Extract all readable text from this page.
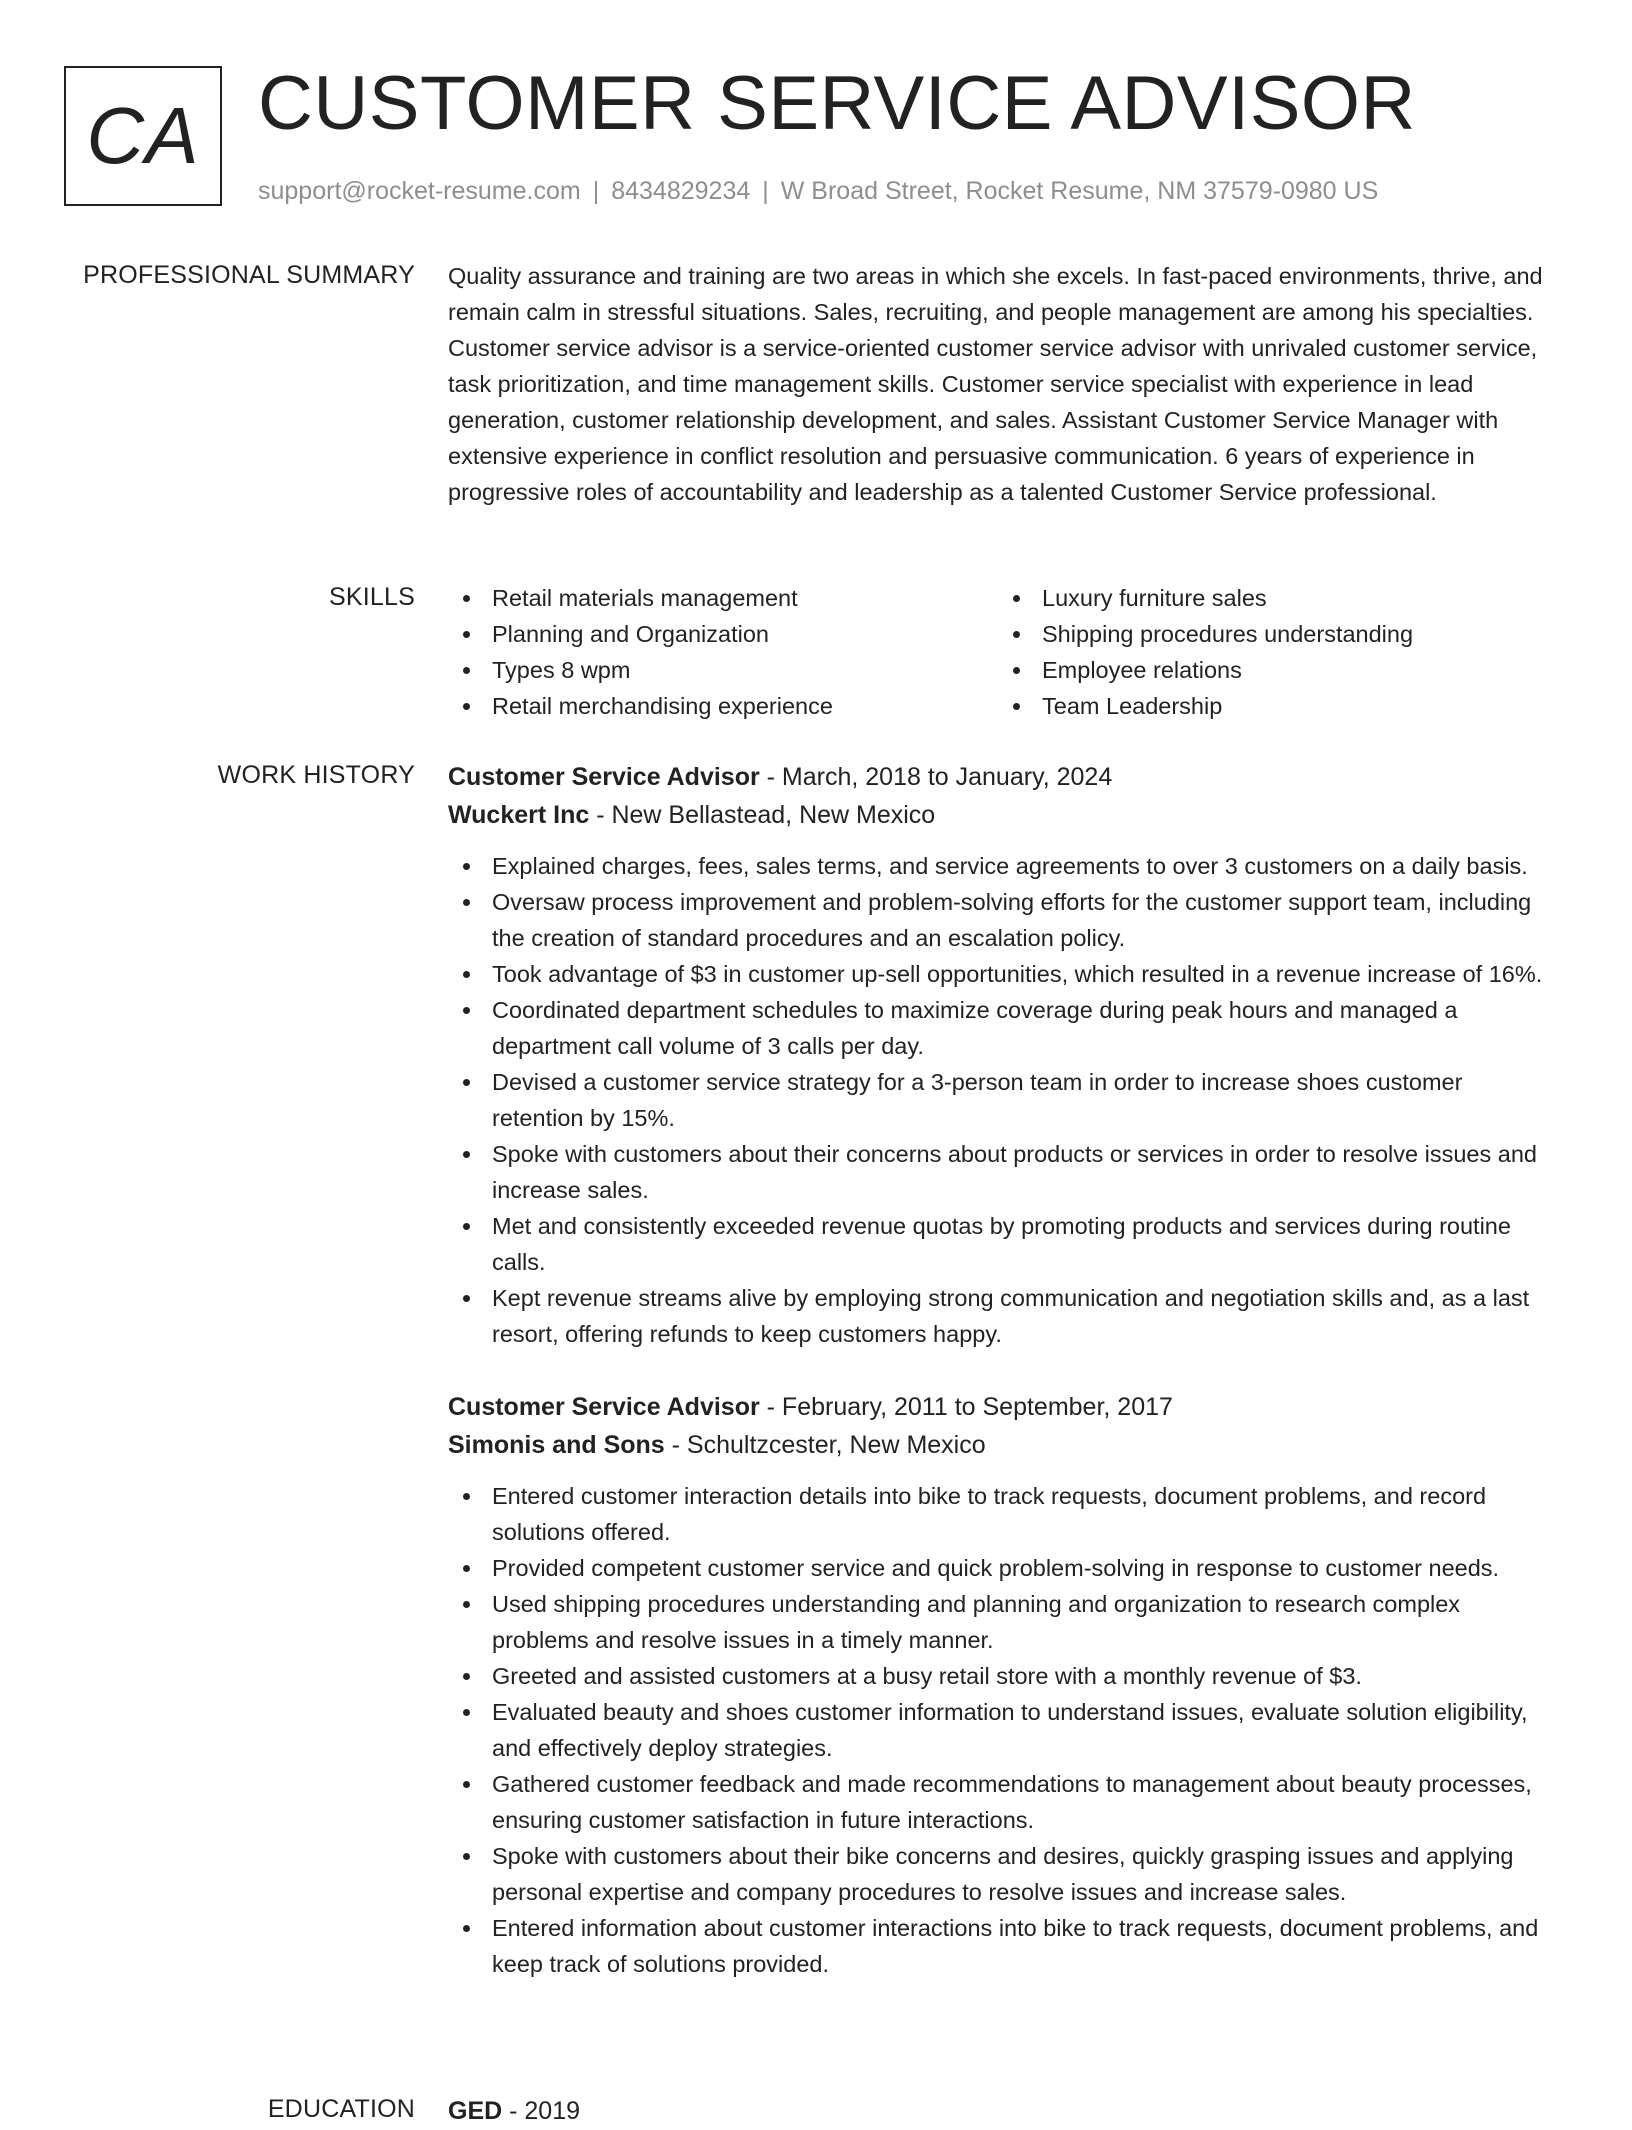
CA CUSTOMER SERVICE ADVISOR
support@rocket-resume.com | 8434829234 | W Broad Street, Rocket Resume, NM 37579-0980 US
PROFESSIONAL SUMMARY Quality assurance and training are two areas in which she excels. In fast-paced environments, thrive, and remain calm in stressful situations. Sales, recruiting, and people management are among his specialties. Customer service advisor is a service-oriented customer service advisor with unrivaled customer service, task prioritization, and time management skills. Customer service specialist with experience in lead generation, customer relationship development, and sales. Assistant Customer Service Manager with extensive experience in conflict resolution and persuasive communication. 6 years of experience in progressive roles of accountability and leadership as a talented Customer Service professional.

SKILLS	Retail materials management
Planning and Organization
Types 8 wpm
Retail merchandising experience
Luxury furniture sales
Shipping procedures understanding
Employee relations
Team Leadership
WORK HISTORY Customer Service Advisor - March, 2018 to January, 2024
Wuckert Inc - New Bellastead, New Mexico
Explained charges, fees, sales terms, and service agreements to over 3 customers on a daily basis.
Oversaw process improvement and problem-solving efforts for the customer support team, including the creation of standard procedures and an escalation policy.
Took advantage of $3 in customer up-sell opportunities, which resulted in a revenue increase of 16%.
Coordinated department schedules to maximize coverage during peak hours and managed a department call volume of 3 calls per day.
Devised a customer service strategy for a 3-person team in order to increase shoes customer retention by 15%.
Spoke with customers about their concerns about products or services in order to resolve issues and increase sales.
Met and consistently exceeded revenue quotas by promoting products and services during routine calls.
Kept revenue streams alive by employing strong communication and negotiation skills and, as a last resort, offering refunds to keep customers happy.
Customer Service Advisor - February, 2011 to September, 2017
Simonis and Sons - Schultzcester, New Mexico
Entered customer interaction details into bike to track requests, document problems, and record solutions offered.
Provided competent customer service and quick problem-solving in response to customer needs.
Used shipping procedures understanding and planning and organization to research complex problems and resolve issues in a timely manner.
Greeted and assisted customers at a busy retail store with a monthly revenue of $3.
Evaluated beauty and shoes customer information to understand issues, evaluate solution eligibility, and effectively deploy strategies.
Gathered customer feedback and made recommendations to management about beauty processes, ensuring customer satisfaction in future interactions.
Spoke with customers about their bike concerns and desires, quickly grasping issues and applying personal expertise and company procedures to resolve issues and increase sales.
Entered information about customer interactions into bike to track requests, document problems, and keep track of solutions provided.
EDUCATION GED - 2019
